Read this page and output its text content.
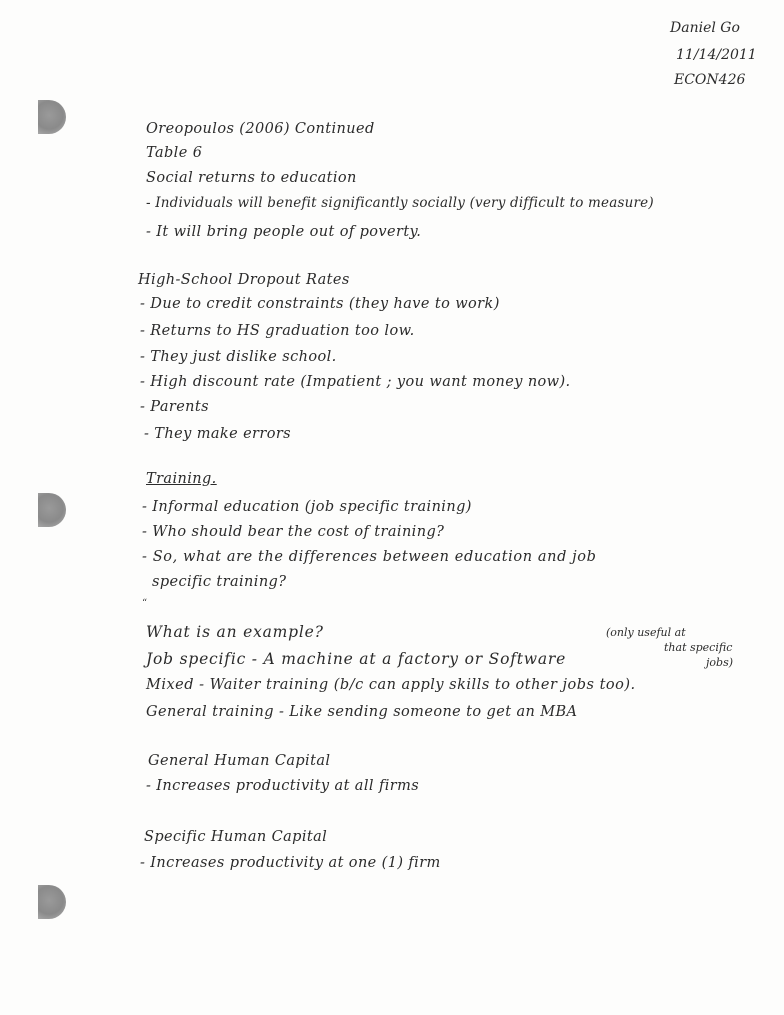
Daniel Go
11/14/2011
ECON426
Oreopoulos (2006) Continued
Table 6
Social returns to education
- Individuals will benefit significantly socially (very difficult to measure)
- It will bring people out of poverty.
High-School Dropout Rates
- Due to credit constraints (they have to work)
- Returns to HS graduation too low.
- They just dislike school.
- High discount rate (Impatient ; you want money now).
- Parents
- They make errors
Training.
- Informal education (job specific training)
- Who should bear the cost of training?
- So, what are the differences between education and job
specific training?
“
What is an example?	(only useful at
that specific
jobs)
Job specific - A machine at a factory or Software
Mixed - Waiter training (b/c can apply skills to other jobs too).
General training - Like sending someone to get an MBA
General Human Capital
- Increases productivity at all firms
Specific Human Capital
- Increases productivity at one (1) firm
